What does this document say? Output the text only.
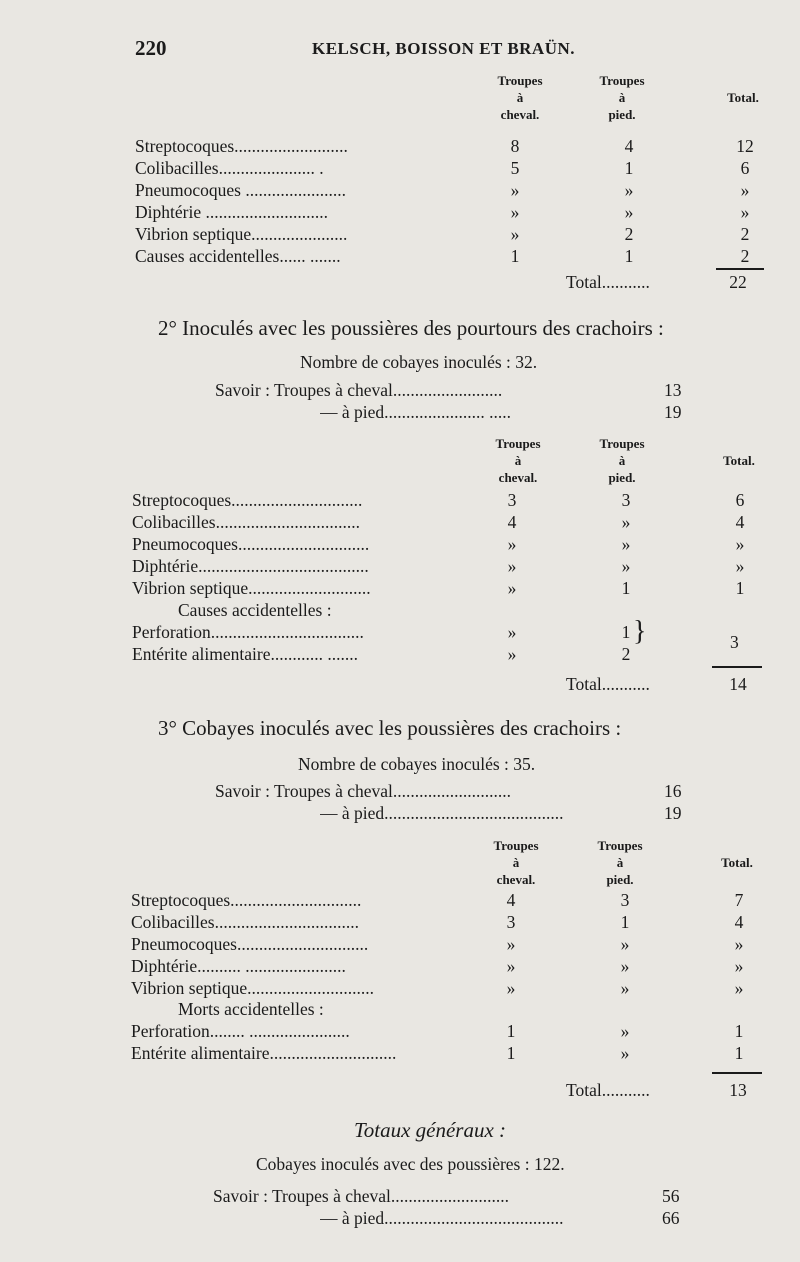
220	KELSCH, BOISSON ET BRAÜN.
Troupes
à
cheval.
Troupes
à
pied.
Total.
Streptocoques..........................	8	4	12
Colibacilles...................... .	5	1	6
Pneumocoques .......................	»	»	»
Diphtérie ............................	»	»	»
Vibrion septique......................	»	2	2
Causes accidentelles...... .......	1	1	2
Total...........	22
2° Inoculés avec les poussières des pourtours des crachoirs :
Nombre de cobayes inoculés : 32.
Savoir : Troupes à cheval.........................	13
— à pied....................... .....	19
Troupes
à
cheval.
Troupes
à
pied.
Total.
Streptocoques..............................	3	3	6
Colibacilles.................................	4	»	4
Pneumocoques..............................	»	»	»
Diphtérie.......................................	»	»	»
Vibrion septique............................	»	1	1
Causes accidentelles :
Perforation...................................	»	1
Entérite alimentaire............ .......	»	2
}	3
Total...........	14
3° Cobayes inoculés avec les poussières des crachoirs :
Nombre de cobayes inoculés : 35.
Savoir : Troupes à cheval...........................	16
— à pied.........................................	19
Troupes
à
cheval.
Troupes
à
pied.
Total.
Streptocoques..............................	4	3	7
Colibacilles.................................	3	1	4
Pneumocoques..............................	»	»	»
Diphtérie.......... .......................	»	»	»
Vibrion septique.............................	»	»	»
Morts accidentelles :
Perforation........ .......................	1	»	1
Entérite alimentaire.............................	1	»	1
Total...........	13
Totaux généraux :
Cobayes inoculés avec des poussières : 122.
Savoir : Troupes à cheval...........................	56
— à pied.........................................	66
